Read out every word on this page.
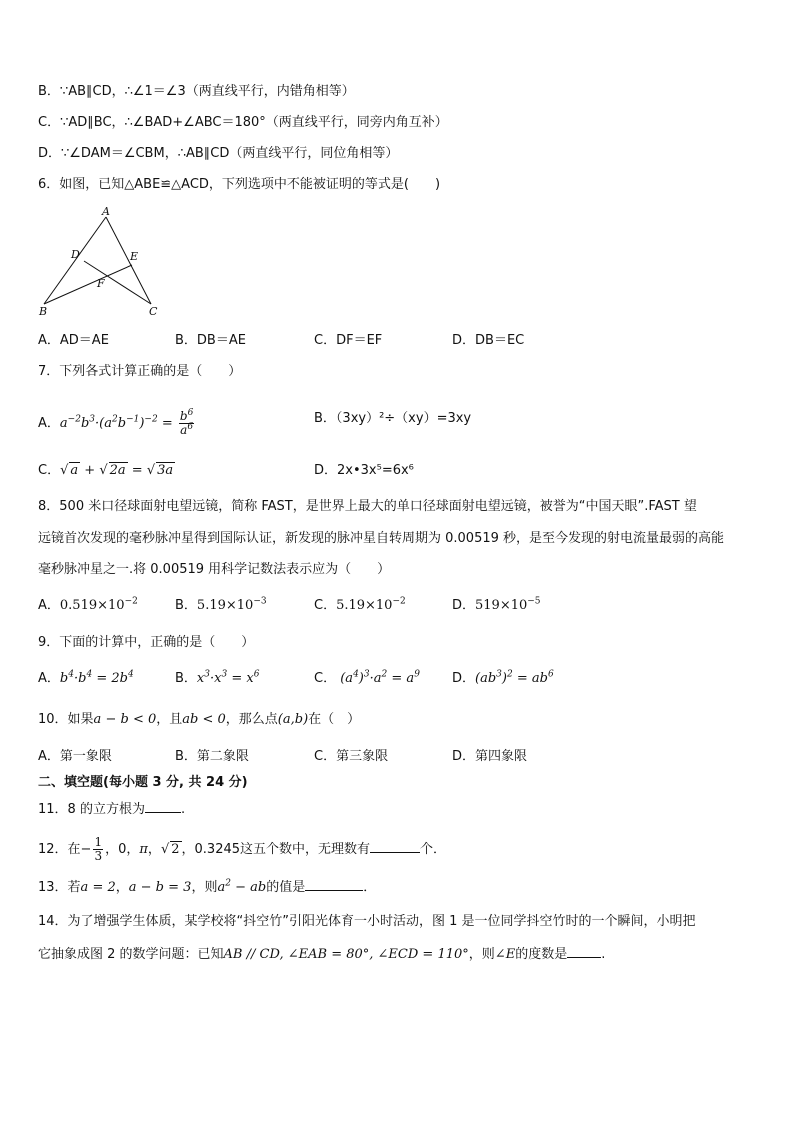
B．∵AB∥CD，∴∠1＝∠3（两直线平行，内错角相等）
C．∵AD∥BC，∴∠BAD+∠ABC＝180°（两直线平行，同旁内角互补）
D．∵∠DAM＝∠CBM，∴AB∥CD（两直线平行，同位角相等）
6．如图，已知△ABE≌△ACD，下列选项中不能被证明的等式是(　　)
A
D	E
F
B	C
A．AD＝AE	B．DB＝AE	C．DF＝EF	D．DB＝EC
7．下列各式计算正确的是（　　）
A．$a^{-2}b^3\cdot(a^2b^{-1})^{-2} = \frac{b^6}{a^6}$	B．（3xy）²÷（xy）=3xy
C．√ a + √ 2a = √ 3a	D．2x•3x⁵=6x⁶
8．500 米口径球面射电望远镜，简称 FAST，是世界上最大的单口径球面射电望远镜，被誉为“中国天眼”.FAST 望
远镜首次发现的毫秒脉冲星得到国际认证，新发现的脉冲星自转周期为 0.00519 秒，是至今发现的射电流量最弱的高能
毫秒脉冲星之一.将 0.00519 用科学记数法表示应为（　　）
A．$0.519\times 10^{-2}$	B．$5.19\times 10^{-3}$	C．$5.19\times 10^{-2}$	D．$519\times 10^{-5}$
9．下面的计算中，正确的是（　　）
A．$b^4\cdot b^4 = 2b^4$	B．$x^3\cdot x^3 = x^6$	C． $(a^4)^3\cdot a^2 = a^9$ D．$(ab^3)^2 = ab^6$
10．如果a − b < 0，且ab < 0，那么点(a,b)在（　）
A．第一象限	B．第二象限	C．第三象限	D．第四象限
二、填空题(每小题 3 分, 共 24 分)
11．8 的立方根为	.
12．在− $\frac{1}{3}$ ，0，π，√ 2 ，0.3245这五个数中，无理数有	个．
13．若a = 2，a − b = 3，则$a^2$ − ab的值是	．
14．为了增强学生体质，某学校将“抖空竹”引阳光体育一小时活动，图 1 是一位同学抖空竹时的一个瞬间，小明把
它抽象成图 2 的数学问题：已知AB // CD, ∠EAB = 80°, ∠ECD = 110°，则∠E的度数是	.
